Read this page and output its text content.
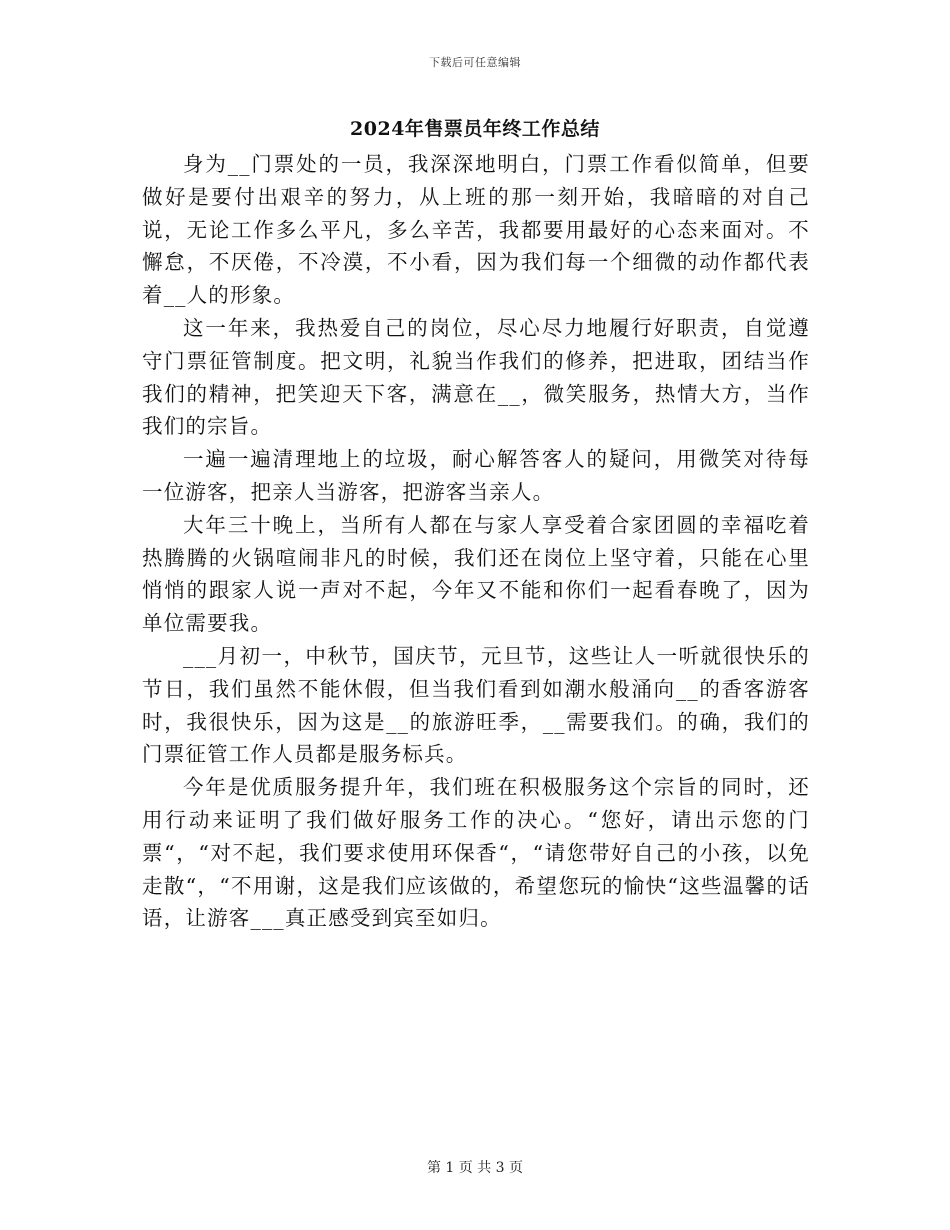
下载后可任意编辑
2024年售票员年终工作总结

身为__门票处的一员，我深深地明白，门票工作看似简单，但要做好是要付出艰辛的努力，从上班的那一刻开始，我暗暗的对自己说，无论工作多么平凡，多么辛苦，我都要用最好的心态来面对。不懈怠，不厌倦，不冷漠，不小看，因为我们每一个细微的动作都代表着__人的形象。

这一年来，我热爱自己的岗位，尽心尽力地履行好职责，自觉遵守门票征管制度。把文明，礼貌当作我们的修养，把进取，团结当作我们的精神，把笑迎天下客，满意在__，微笑服务，热情大方，当作我们的宗旨。

一遍一遍清理地上的垃圾，耐心解答客人的疑问，用微笑对待每一位游客，把亲人当游客，把游客当亲人。

大年三十晚上，当所有人都在与家人享受着合家团圆的幸福吃着热腾腾的火锅喧闹非凡的时候，我们还在岗位上坚守着，只能在心里悄悄的跟家人说一声对不起，今年又不能和你们一起看春晚了，因为单位需要我。

___月初一，中秋节，国庆节，元旦节，这些让人一听就很快乐的节日，我们虽然不能休假，但当我们看到如潮水般涌向__的香客游客时，我很快乐，因为这是__的旅游旺季，__需要我们。的确，我们的门票征管工作人员都是服务标兵。

今年是优质服务提升年，我们班在积极服务这个宗旨的同时，还用行动来证明了我们做好服务工作的决心。“您好，请出示您的门票“，“对不起，我们要求使用环保香“，“请您带好自己的小孩，以免走散“，“不用谢，这是我们应该做的，希望您玩的愉快“这些温馨的话语，让游客___真正感受到宾至如归。

第 1 页 共 3 页
